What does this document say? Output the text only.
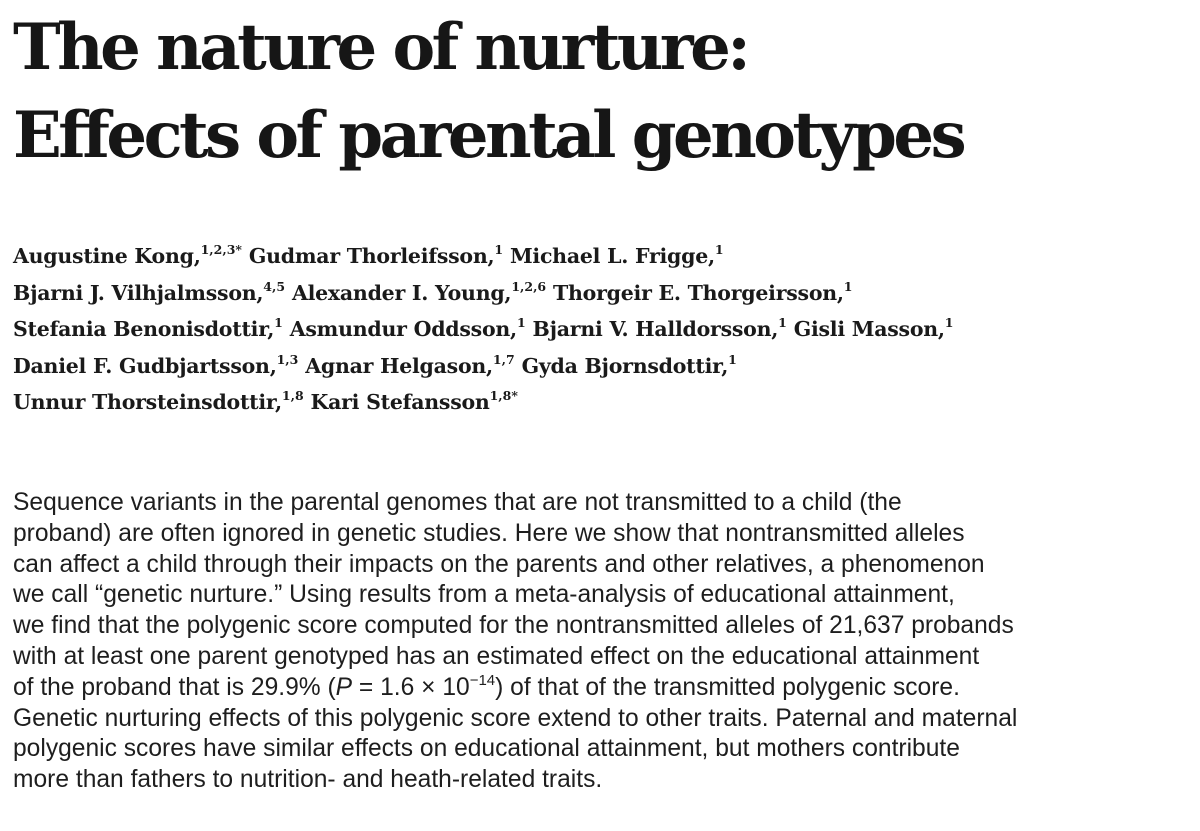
The nature of nurture:
Effects of parental genotypes
Augustine Kong,$^{1,2,3*}$ Gudmar Thorleifsson,$^1$ Michael L. Frigge,$^1$
Bjarni J. Vilhjalmsson,$^{4,5}$ Alexander I. Young,$^{1,2,6}$ Thorgeir E. Thorgeirsson,$^1$
Stefania Benonisdottir,$^1$ Asmundur Oddsson,$^1$ Bjarni V. Halldorsson,$^1$ Gisli Masson,$^1$
Daniel F. Gudbjartsson,$^{1,3}$ Agnar Helgason,$^{1,7}$ Gyda Bjornsdottir,$^1$
Unnur Thorsteinsdottir,$^{1,8}$ Kari Stefansson$^{1,8*}$
Sequence variants in the parental genomes that are not transmitted to a child (the
proband) are often ignored in genetic studies. Here we show that nontransmitted alleles
can affect a child through their impacts on the parents and other relatives, a phenomenon
we call “genetic nurture.” Using results from a meta-analysis of educational attainment,
we find that the polygenic score computed for the nontransmitted alleles of 21,637 probands
with at least one parent genotyped has an estimated effect on the educational attainment
of the proband that is 29.9% $(P = 1.6 \times 10^{-14})$ of that of the transmitted polygenic score.
Genetic nurturing effects of this polygenic score extend to other traits. Paternal and maternal
polygenic scores have similar effects on educational attainment, but mothers contribute
more than fathers to nutrition- and heath-related traits.
